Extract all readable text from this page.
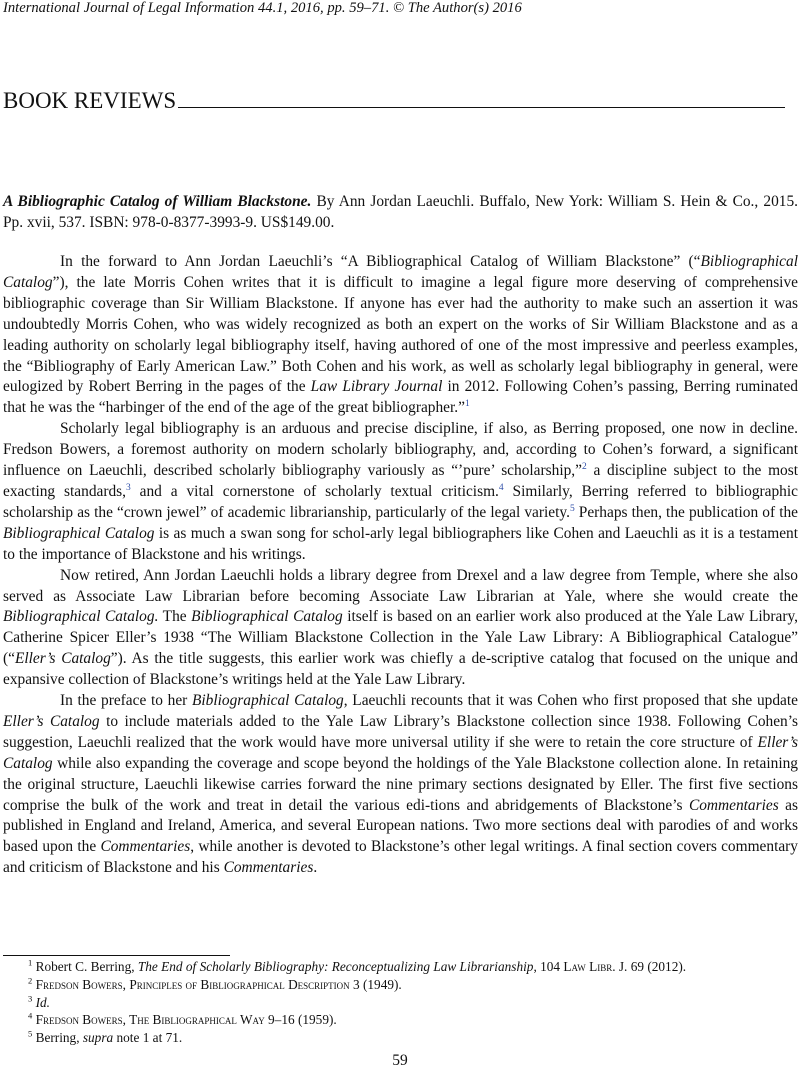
International Journal of Legal Information 44.1, 2016, pp. 59–71. © The Author(s) 2016
BOOK REVIEWS
A Bibliographic Catalog of William Blackstone. By Ann Jordan Laeuchli. Buffalo, New York: William S. Hein & Co., 2015. Pp. xvii, 537. ISBN: 978-0-8377-3993-9. US$149.00.

In the forward to Ann Jordan Laeuchli’s “A Bibliographical Catalog of William Blackstone” (“Bibliographical Catalog”), the late Morris Cohen writes that it is difficult to imagine a legal figure more deserving of comprehensive bibliographic coverage than Sir William Blackstone. If anyone has ever had the authority to make such an assertion it was undoubtedly Morris Cohen, who was widely recognized as both an expert on the works of Sir William Blackstone and as a leading authority on scholarly legal bibliography itself, having authored of one of the most impressive and peerless examples, the “Bibliography of Early American Law.” Both Cohen and his work, as well as scholarly legal bibliography in general, were eulogized by Robert Berring in the pages of the Law Library Journal in 2012. Following Cohen’s passing, Berring ruminated that he was the “harbinger of the end of the age of the great bibliographer.”$^1$

Scholarly legal bibliography is an arduous and precise discipline, if also, as Berring proposed, one now in decline. Fredson Bowers, a foremost authority on modern scholarly bibliography, and, according to Cohen’s forward, a significant influence on Laeuchli, described scholarly bibliography variously as “’pure’ scholarship,”$^2$ a discipline subject to the most exacting standards,$^3$ and a vital cornerstone of scholarly textual criticism.$^4$ Similarly, Berring referred to bibliographic scholarship as the “crown jewel” of academic librarianship, particularly of the legal variety.$^5$ Perhaps then, the publication of the Bibliographical Catalog is as much a swan song for schol-arly legal bibliographers like Cohen and Laeuchli as it is a testament to the importance of Blackstone and his writings.

Now retired, Ann Jordan Laeuchli holds a library degree from Drexel and a law degree from Temple, where she also served as Associate Law Librarian before becoming Associate Law Librarian at Yale, where she would create the Bibliographical Catalog. The Bibliographical Catalog itself is based on an earlier work also produced at the Yale Law Library, Catherine Spicer Eller’s 1938 “The William Blackstone Collection in the Yale Law Library: A Bibliographical Catalogue” (“Eller’s Catalog”). As the title suggests, this earlier work was chiefly a de-scriptive catalog that focused on the unique and expansive collection of Blackstone’s writings held at the Yale Law Library.

In the preface to her Bibliographical Catalog, Laeuchli recounts that it was Cohen who first proposed that she update Eller’s Catalog to include materials added to the Yale Law Library’s Blackstone collection since 1938. Following Cohen’s suggestion, Laeuchli realized that the work would have more universal utility if she were to retain the core structure of Eller’s Catalog while also expanding the coverage and scope beyond the holdings of the Yale Blackstone collection alone. In retaining the original structure, Laeuchli likewise carries forward the nine primary sections designated by Eller. The first five sections comprise the bulk of the work and treat in detail the various edi-tions and abridgements of Blackstone’s Commentaries as published in England and Ireland, America, and several European nations. Two more sections deal with parodies of and works based upon the Commentaries, while another is devoted to Blackstone’s other legal writings. A final section covers commentary and criticism of Blackstone and his Commentaries.

$^1$ Robert C. Berring, The End of Scholarly Bibliography: Reconceptualizing Law Librarianship, 104 Law Libr. J. 69 (2012).
$^2$ Fredson Bowers, Principles of Bibliographical Description 3 (1949).
$^3$ Id.
$^4$ Fredson Bowers, The Bibliographical Way 9–16 (1959).
$^5$ Berring, supra note 1 at 71.
59
